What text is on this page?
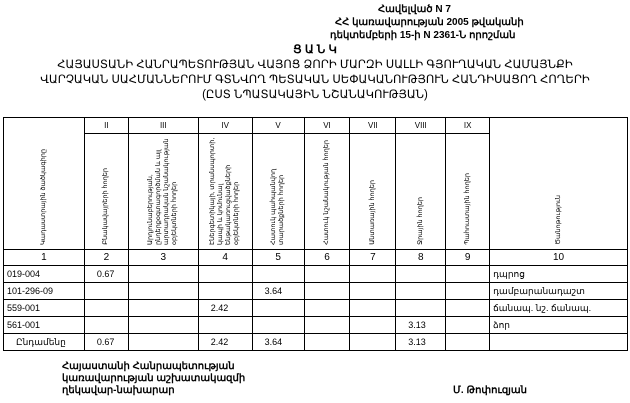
Հավելված N 7
ՀՀ կառավարության 2005 թվականի
դեկտեմբերի 15-ի N 2361-Ն որոշման
Ց Ա Ն Կ
ՀԱՅԱՍՏԱՆԻ ՀԱՆՐԱՊԵՏՈՒԹՅԱՆ ՎԱՅՈՑ ՁՈՐԻ ՄԱՐԶԻ ՍԱԼԼԻ ԳՅՈՒՂԱԿԱՆ ՀԱՄԱՅՆՔԻ
ՎԱՐՉԱԿԱՆ ՍԱՀՄԱՆՆԵՐՈՒՄ ԳՏՆՎՈՂ ՊԵՏԱԿԱՆ ՍԵՓԱԿԱՆՈՒԹՅՈՒՆ ՀԱՆԴԻՍԱՑՈՂ ՀՈՂԵՐԻ
(ԸՍՏ ՆՊԱՏԱԿԱՅԻՆ ՆՇԱՆԱԿՈՒԹՅԱՆ)
Կադաստրային ծածկագիրը	II	III	IV	V	VI	VII	VIII	IX	Ծանոթություն

	Բնակավայրերի հողեր	Արդյունաբերության, ընդերքօգտագործման և այլ արտադրական նշանակության օբյեկտների հողեր	Էներգետիկայի, տրանսպորտի, կապի և կոմունալ ենթակառուցվածքների օբյեկտների հողեր	Հատուկ պահպանվող տարածքների հողեր	Հատուկ նշանակության հողեր	Անտառային հողեր	Ջրային հողեր	Պահուստային հողեր	

1	2	3	4	5	6	7	8	9	10
019-004	0.67								դպրոց
101-296-09				3.64					դամբարանադաշտ
559-001			2.42						ճանապ. նշ. ճանապ.
561-001							3.13		ձոր
Ընդամենը	0.67		2.42	3.64			3.13		
Հայաստանի Հանրապետության
կառավարության աշխատակազմի
ղեկավար-նախարար	Մ. Թոփուզյան
